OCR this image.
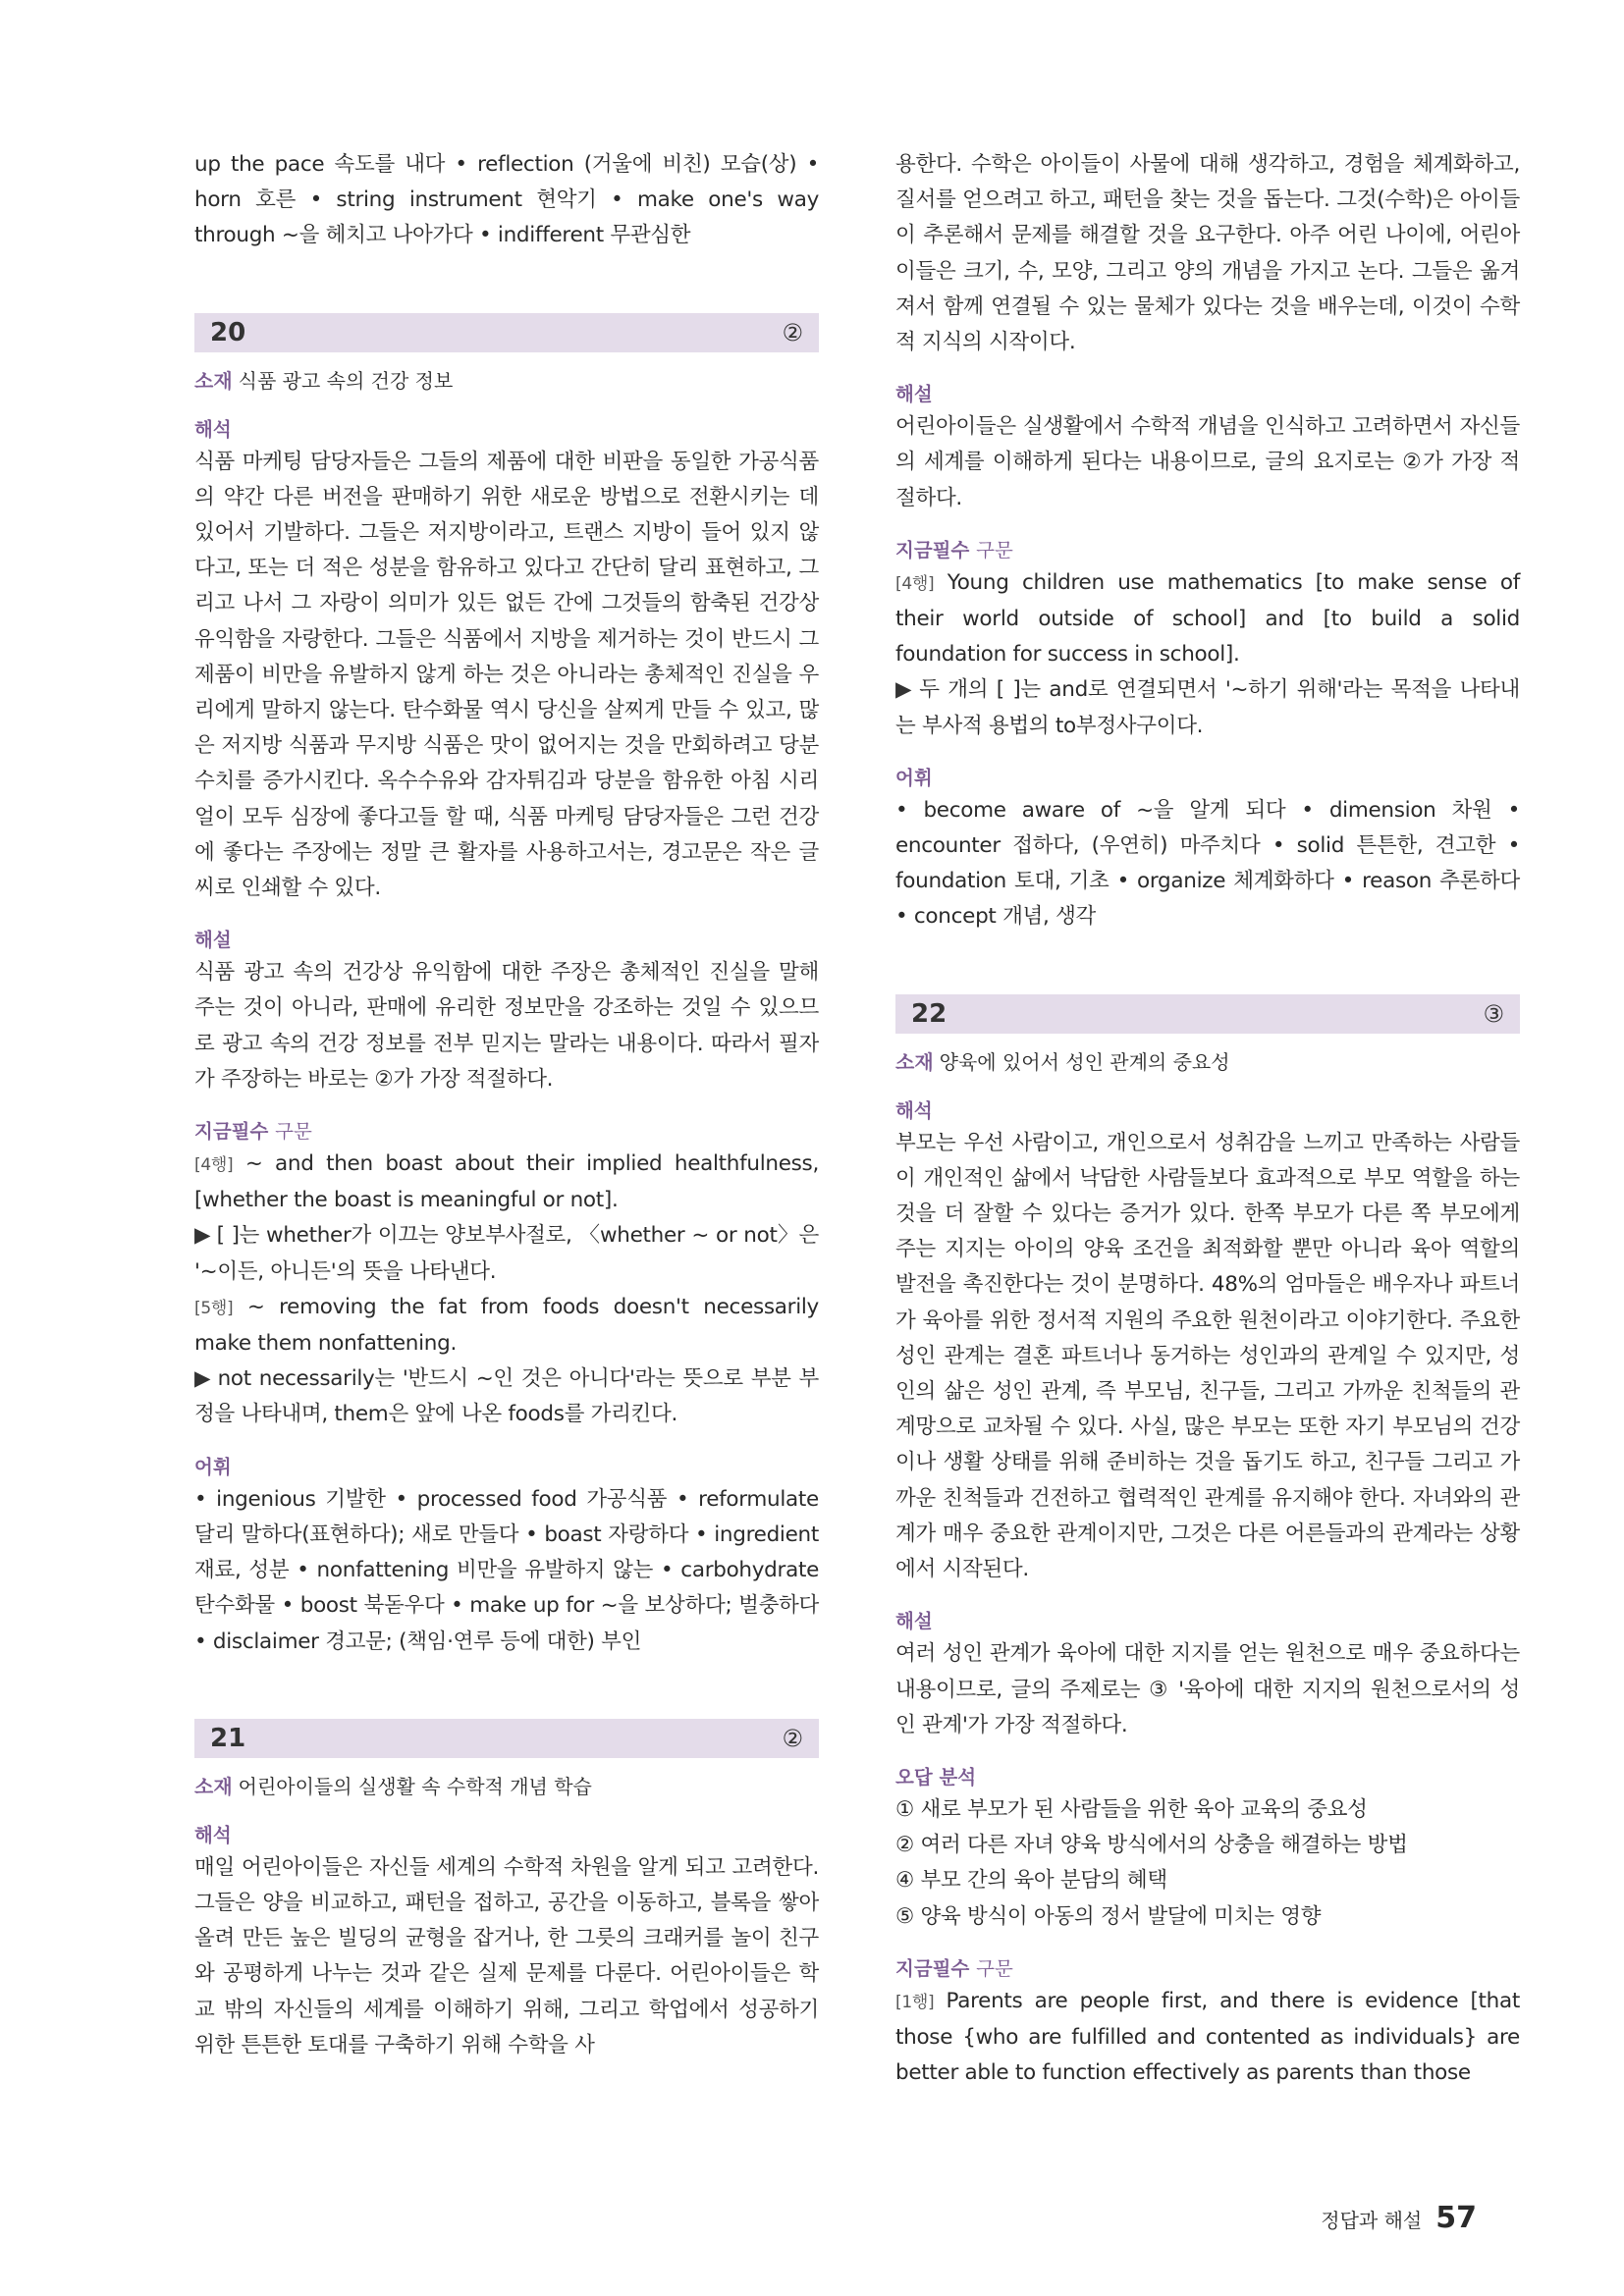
up the pace 속도를 내다 • reflection (거울에 비친) 모습(상) • horn 호른 • string instrument 현악기 • make one's way through ~을 헤치고 나아가다 • indifferent 무관심한

20	②
소재 식품 광고 속의 건강 정보
해석

식품 마케팅 담당자들은 그들의 제품에 대한 비판을 동일한 가공식품의 약간 다른 버전을 판매하기 위한 새로운 방법으로 전환시키는 데 있어서 기발하다. 그들은 저지방이라고, 트랜스 지방이 들어 있지 않다고, 또는 더 적은 성분을 함유하고 있다고 간단히 달리 표현하고, 그리고 나서 그 자랑이 의미가 있든 없든 간에 그것들의 함축된 건강상 유익함을 자랑한다. 그들은 식품에서 지방을 제거하는 것이 반드시 그 제품이 비만을 유발하지 않게 하는 것은 아니라는 총체적인 진실을 우리에게 말하지 않는다. 탄수화물 역시 당신을 살찌게 만들 수 있고, 많은 저지방 식품과 무지방 식품은 맛이 없어지는 것을 만회하려고 당분 수치를 증가시킨다. 옥수수유와 감자튀김과 당분을 함유한 아침 시리얼이 모두 심장에 좋다고들 할 때, 식품 마케팅 담당자들은 그런 건강에 좋다는 주장에는 정말 큰 활자를 사용하고서는, 경고문은 작은 글씨로 인쇄할 수 있다.

해설

식품 광고 속의 건강상 유익함에 대한 주장은 총체적인 진실을 말해 주는 것이 아니라, 판매에 유리한 정보만을 강조하는 것일 수 있으므로 광고 속의 건강 정보를 전부 믿지는 말라는 내용이다. 따라서 필자가 주장하는 바로는 ②가 가장 적절하다.

지금필수 구문

[4행] ~ and then boast about their implied healthfulness, [whether the boast is meaningful or not].

▶ [ ]는 whether가 이끄는 양보부사절로, 〈whether ~ or not〉은 '~이든, 아니든'의 뜻을 나타낸다.

[5행] ~ removing the fat from foods doesn't necessarily make them nonfattening.

▶ not necessarily는 '반드시 ~인 것은 아니다'라는 뜻으로 부분 부정을 나타내며, them은 앞에 나온 foods를 가리킨다.

어휘

• ingenious 기발한 • processed food 가공식품 • reformulate 달리 말하다(표현하다); 새로 만들다 • boast 자랑하다 • ingredient 재료, 성분 • nonfattening 비만을 유발하지 않는 • carbohydrate 탄수화물 • boost 북돋우다 • make up for ~을 보상하다; 벌충하다 • disclaimer 경고문; (책임·연루 등에 대한) 부인

21	②
소재 어린아이들의 실생활 속 수학적 개념 학습
해석

매일 어린아이들은 자신들 세계의 수학적 차원을 알게 되고 고려한다. 그들은 양을 비교하고, 패턴을 접하고, 공간을 이동하고, 블록을 쌓아올려 만든 높은 빌딩의 균형을 잡거나, 한 그릇의 크래커를 놀이 친구와 공평하게 나누는 것과 같은 실제 문제를 다룬다. 어린아이들은 학교 밖의 자신들의 세계를 이해하기 위해, 그리고 학업에서 성공하기 위한 튼튼한 토대를 구축하기 위해 수학을 사

용한다. 수학은 아이들이 사물에 대해 생각하고, 경험을 체계화하고, 질서를 얻으려고 하고, 패턴을 찾는 것을 돕는다. 그것(수학)은 아이들이 추론해서 문제를 해결할 것을 요구한다. 아주 어린 나이에, 어린아이들은 크기, 수, 모양, 그리고 양의 개념을 가지고 논다. 그들은 옮겨져서 함께 연결될 수 있는 물체가 있다는 것을 배우는데, 이것이 수학적 지식의 시작이다.

해설

어린아이들은 실생활에서 수학적 개념을 인식하고 고려하면서 자신들의 세계를 이해하게 된다는 내용이므로, 글의 요지로는 ②가 가장 적절하다.

지금필수 구문

[4행] Young children use mathematics [to make sense of their world outside of school] and [to build a solid foundation for success in school].

▶ 두 개의 [ ]는 and로 연결되면서 '~하기 위해'라는 목적을 나타내는 부사적 용법의 to부정사구이다.

어휘

• become aware of ~을 알게 되다 • dimension 차원 • encounter 접하다, (우연히) 마주치다 • solid 튼튼한, 견고한 • foundation 토대, 기초 • organize 체계화하다 • reason 추론하다 • concept 개념, 생각

22	③
소재 양육에 있어서 성인 관계의 중요성
해석

부모는 우선 사람이고, 개인으로서 성취감을 느끼고 만족하는 사람들이 개인적인 삶에서 낙담한 사람들보다 효과적으로 부모 역할을 하는 것을 더 잘할 수 있다는 증거가 있다. 한쪽 부모가 다른 쪽 부모에게 주는 지지는 아이의 양육 조건을 최적화할 뿐만 아니라 육아 역할의 발전을 촉진한다는 것이 분명하다. 48%의 엄마들은 배우자나 파트너가 육아를 위한 정서적 지원의 주요한 원천이라고 이야기한다. 주요한 성인 관계는 결혼 파트너나 동거하는 성인과의 관계일 수 있지만, 성인의 삶은 성인 관계, 즉 부모님, 친구들, 그리고 가까운 친척들의 관계망으로 교차될 수 있다. 사실, 많은 부모는 또한 자기 부모님의 건강이나 생활 상태를 위해 준비하는 것을 돕기도 하고, 친구들 그리고 가까운 친척들과 건전하고 협력적인 관계를 유지해야 한다. 자녀와의 관계가 매우 중요한 관계이지만, 그것은 다른 어른들과의 관계라는 상황에서 시작된다.

해설

여러 성인 관계가 육아에 대한 지지를 얻는 원천으로 매우 중요하다는 내용이므로, 글의 주제로는 ③ '육아에 대한 지지의 원천으로서의 성인 관계'가 가장 적절하다.

오답 분석

① 새로 부모가 된 사람들을 위한 육아 교육의 중요성

② 여러 다른 자녀 양육 방식에서의 상충을 해결하는 방법

④ 부모 간의 육아 분담의 혜택

⑤ 양육 방식이 아동의 정서 발달에 미치는 영향

지금필수 구문

[1행] Parents are people first, and there is evidence [that those {who are fulfilled and contented as individuals} are better able to function effectively as parents than those

정답과 해설 57
